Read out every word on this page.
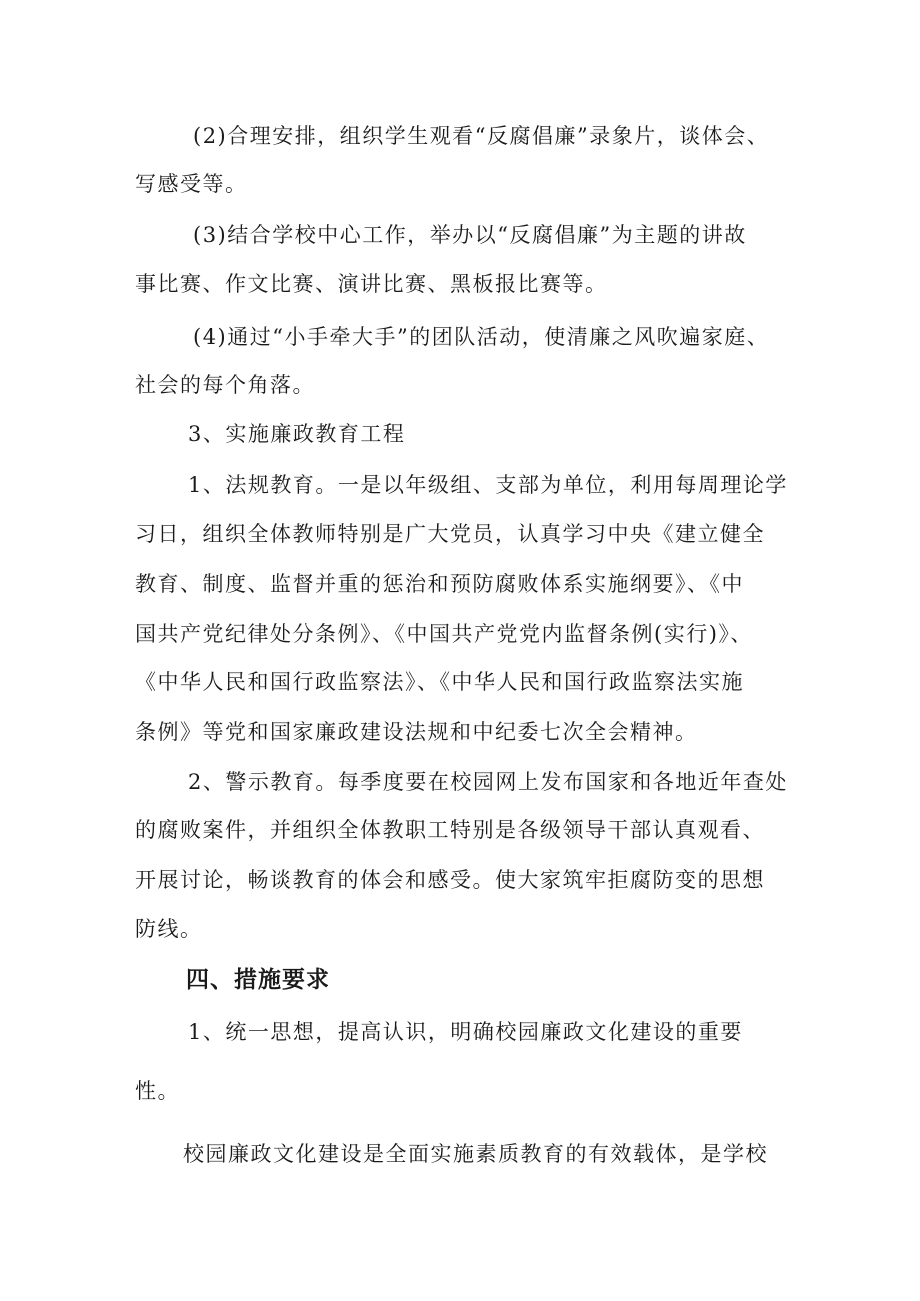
(2)合理安排，组织学生观看“反腐倡廉”录象片，谈体会、
写感受等。
(3)结合学校中心工作，举办以“反腐倡廉”为主题的讲故
事比赛、作文比赛、演讲比赛、黑板报比赛等。
(4)通过“小手牵大手”的团队活动，使清廉之风吹遍家庭、
社会的每个角落。
3、实施廉政教育工程
1、法规教育。一是以年级组、支部为单位，利用每周理论学
习日，组织全体教师特别是广大党员，认真学习中央《建立健全
教育、制度、监督并重的惩治和预防腐败体系实施纲要》、《中
国共产党纪律处分条例》、《中国共产党党内监督条例(实行)》、
《中华人民和国行政监察法》、《中华人民和国行政监察法实施
条例》等党和国家廉政建设法规和中纪委七次全会精神。
2、警示教育。每季度要在校园网上发布国家和各地近年查处
的腐败案件，并组织全体教职工特别是各级领导干部认真观看、
开展讨论，畅谈教育的体会和感受。使大家筑牢拒腐防变的思想
防线。
四、措施要求
1、统一思想，提高认识，明确校园廉政文化建设的重要
性。
校园廉政文化建设是全面实施素质教育的有效载体，是学校
